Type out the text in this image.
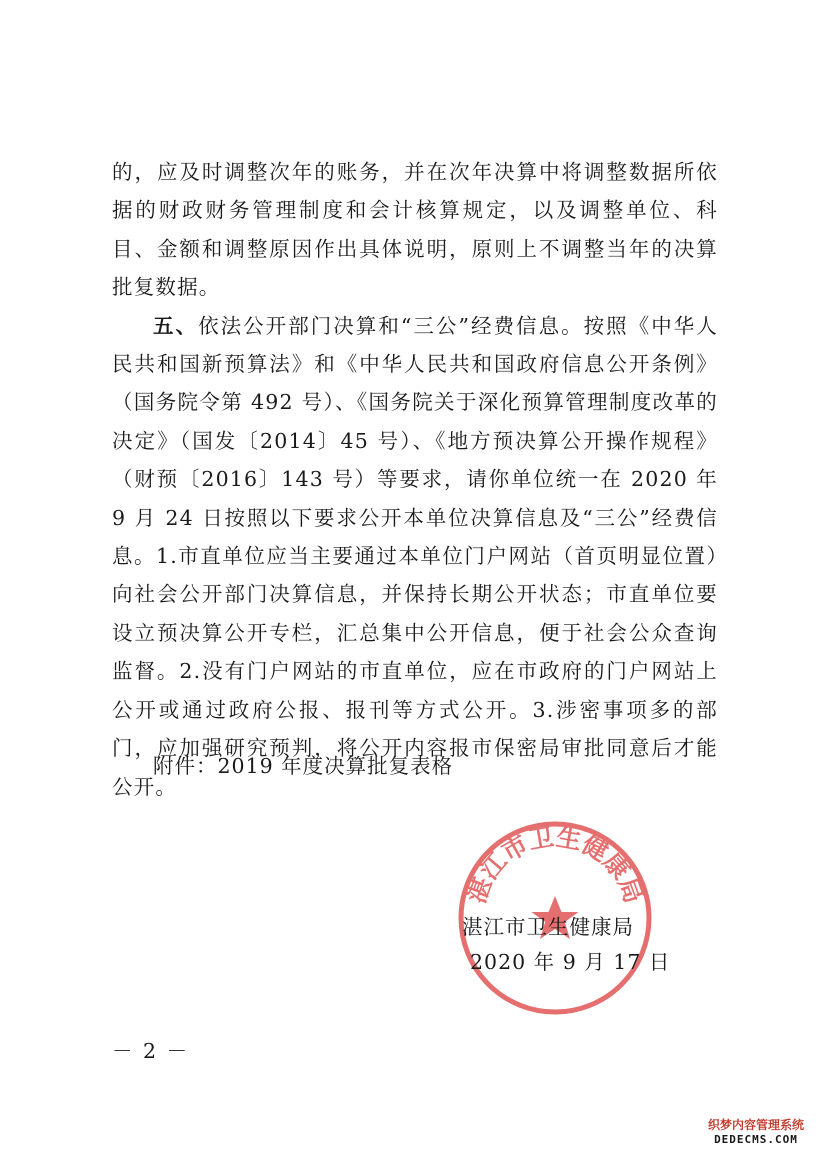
的，应及时调整次年的账务，并在次年决算中将调整数据所依据的财政财务管理制度和会计核算规定，以及调整单位、科目、金额和调整原因作出具体说明，原则上不调整当年的决算批复数据。

五、依法公开部门决算和“三公”经费信息。按照《中华人民共和国新预算法》和《中华人民共和国政府信息公开条例》（国务院令第 492 号）、《国务院关于深化预算管理制度改革的决定》（国发〔2014〕45 号）、《地方预决算公开操作规程》（财预〔2016〕143 号）等要求，请你单位统一在 2020 年 9 月 24 日按照以下要求公开本单位决算信息及“三公”经费信息。1.市直单位应当主要通过本单位门户网站（首页明显位置）向社会公开部门决算信息，并保持长期公开状态；市直单位要设立预决算公开专栏，汇总集中公开信息，便于社会公众查询监督。2.没有门户网站的市直单位，应在市政府的门户网站上公开或通过政府公报、报刊等方式公开。3.涉密事项多的部门，应加强研究预判，将公开内容报市保密局审批同意后才能公开。

附件：2019 年度决算批复表格
湛江市卫生健康局
湛江市卫生健康局
2020 年 9 月 17 日
－ 2 －
织梦内容管理系统
DEDECMS.COM
